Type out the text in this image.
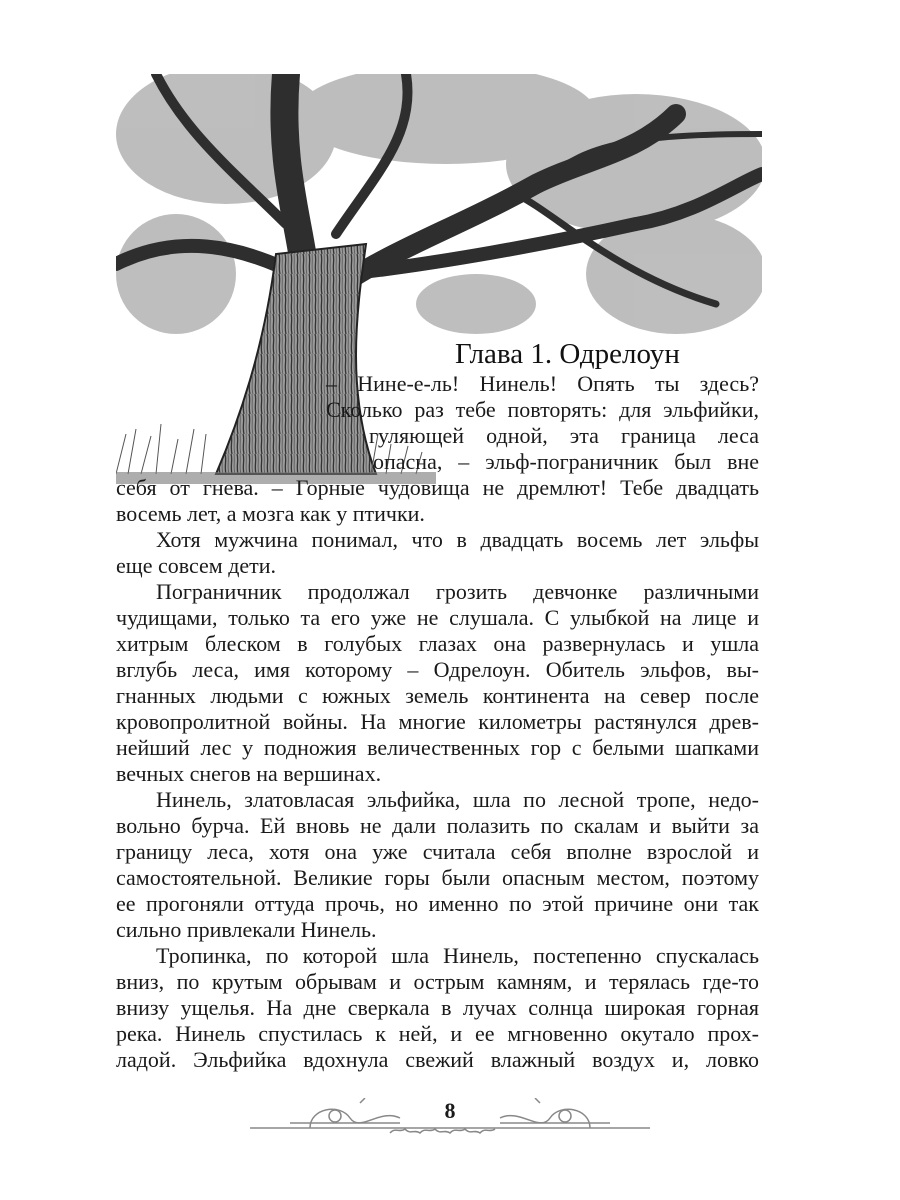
Глава 1. Одрелоун
– Нине-е-ль! Нинель! Опять ты здесь?
Сколько раз тебе повторять: для эльфийки,
гуляющей одной, эта граница леса
опасна, – эльф-пограничник был вне
себя от гнева. – Горные чудовища не дремлют! Тебе двадцать
восемь лет, а мозга как у птички.
Хотя мужчина понимал, что в двадцать восемь лет эльфы
еще совсем дети.
Пограничник продолжал грозить девчонке различными
чудищами, только та его уже не слушала. С улыбкой на лице и
хитрым блеском в голубых глазах она развернулась и ушла
вглубь леса, имя которому – Одрелоун. Обитель эльфов, вы-
гнанных людьми с южных земель континента на север после
кровопролитной войны. На многие километры растянулся древ-
нейший лес у подножия величественных гор с белыми шапками
вечных снегов на вершинах.
Нинель, златовласая эльфийка, шла по лесной тропе, недо-
вольно бурча. Ей вновь не дали полазить по скалам и выйти за
границу леса, хотя она уже считала себя вполне взрослой и
самостоятельной. Великие горы были опасным местом, поэтому
ее прогоняли оттуда прочь, но именно по этой причине они так
сильно привлекали Нинель.
Тропинка, по которой шла Нинель, постепенно спускалась
вниз, по крутым обрывам и острым камням, и терялась где-то
внизу ущелья. На дне сверкала в лучах солнца широкая горная
река. Нинель спустилась к ней, и ее мгновенно окутало прох-
ладой. Эльфийка вдохнула свежий влажный воздух и, ловко
8
